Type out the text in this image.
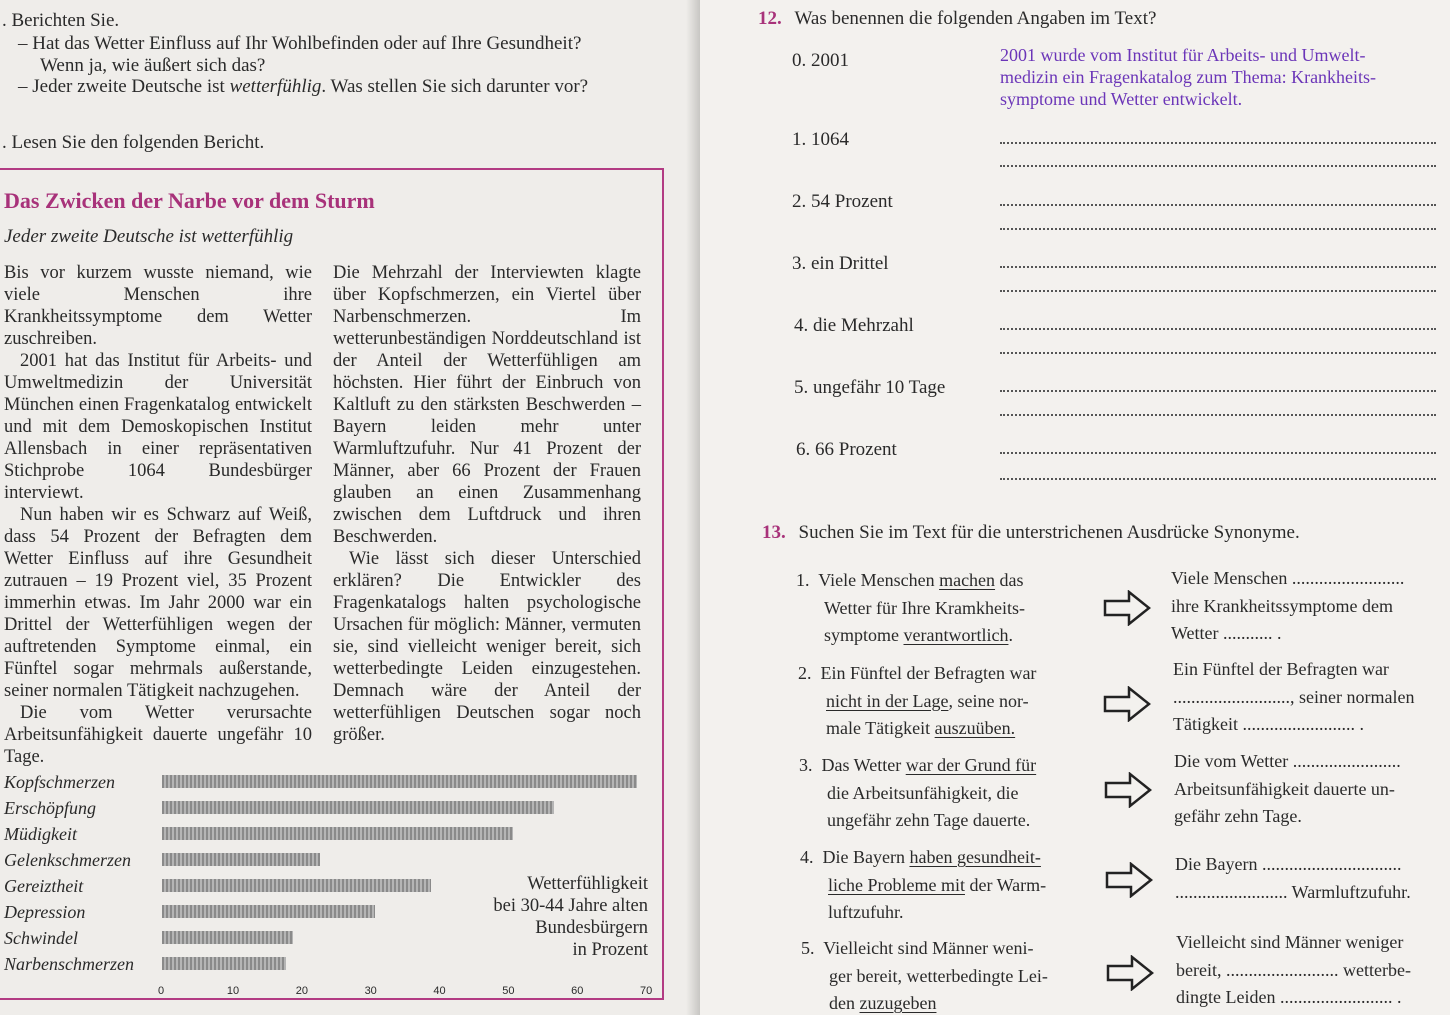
. Berichten Sie.
– Hat das Wetter Einfluss auf Ihr Wohlbefinden oder auf Ihre Gesundheit?
Wenn ja, wie äußert sich das?
– Jeder zweite Deutsche ist wetterfühlig. Was stellen Sie sich darunter vor?
. Lesen Sie den folgenden Bericht.
Das Zwicken der Narbe vor dem Sturm
Jeder zweite Deutsche ist wetterfühlig

Bis vor kurzem wusste niemand, wie viele Menschen ihre Krankheitssymptome dem Wetter zuschreiben.

2001 hat das Institut für Arbeits- und Umweltmedizin der Universität München einen Fragenkatalog entwickelt und mit dem Demoskopischen Institut Allensbach in einer repräsentativen Stichprobe 1064 Bundesbürger interviewt.

Nun haben wir es Schwarz auf Weiß, dass 54 Prozent der Befragten dem Wetter Einfluss auf ihre Gesundheit zutrauen – 19 Prozent viel, 35 Prozent immerhin etwas. Im Jahr 2000 war ein Drittel der Wetterfühligen wegen der auftretenden Symptome einmal, ein Fünftel sogar mehrmals außerstande, seiner normalen Tätigkeit nachzugehen.

Die vom Wetter verursachte Arbeitsunfähigkeit dauerte ungefähr 10 Tage.

Die Mehrzahl der Interviewten klagte über Kopfschmerzen, ein Viertel über Narbenschmerzen. Im wetterunbeständigen Norddeutschland ist der Anteil der Wetterfühligen am höchsten. Hier führt der Einbruch von Kaltluft zu den stärksten Beschwerden – Bayern leiden mehr unter Warmluftzufuhr. Nur 41 Prozent der Männer, aber 66 Prozent der Frauen glauben an einen Zusammenhang zwischen dem Luftdruck und ihren Beschwerden.

Wie lässt sich dieser Unterschied erklären? Die Entwickler des Fragenkatalogs halten psychologische Ursachen für möglich: Männer, vermuten sie, sind vielleicht weniger bereit, sich wetterbedingte Leiden einzugestehen. Demnach wäre der Anteil der wetterfühligen Deutschen sogar noch größer.

Kopfschmerzen
Erschöpfung
Müdigkeit
Gelenkschmerzen
Gereiztheit
Depression
Schwindel
Narbenschmerzen
0	10	20	30	40	50	60	70
Wetterfühligkeit
bei 30-44 Jahre alten
Bundesbürgern
in Prozent
12. Was benennen die folgenden Angaben im Text?
0. 2001	2001 wurde vom Institut für Arbeits- und Umwelt-
medizin ein Fragenkatalog zum Thema: Krankheits-
symptome und Wetter entwickelt.
1. 1064
2. 54 Prozent
3. ein Drittel
4. die Mehrzahl
5. ungefähr 10 Tage
6. 66 Prozent
13. Suchen Sie im Text für die unterstrichenen Ausdrücke Synonyme.
1. Viele Menschen machen das
Wetter für Ihre Kramkheits-
symptome verantwortlich.
Viele Menschen .........................
ihre Krankheitssymptome dem
Wetter ........... .
2. Ein Fünftel der Befragten war
nicht in der Lage, seine nor-
male Tätigkeit auszuüben.
Ein Fünftel der Befragten war
.........................., seiner normalen
Tätigkeit ......................... .
3. Das Wetter war der Grund für
die Arbeitsunfähigkeit, die
ungefähr zehn Tage dauerte.
Die vom Wetter ........................
Arbeitsunfähigkeit dauerte un-
gefähr zehn Tage.
4. Die Bayern haben gesundheit-
liche Probleme mit der Warm-
luftzufuhr.
Die Bayern ...............................
......................... Warmluftzufuhr.
5. Vielleicht sind Männer weni-
ger bereit, wetterbedingte Lei-
den zuzugeben
Vielleicht sind Männer weniger
bereit, ......................... wetterbe-
dingte Leiden ......................... .
